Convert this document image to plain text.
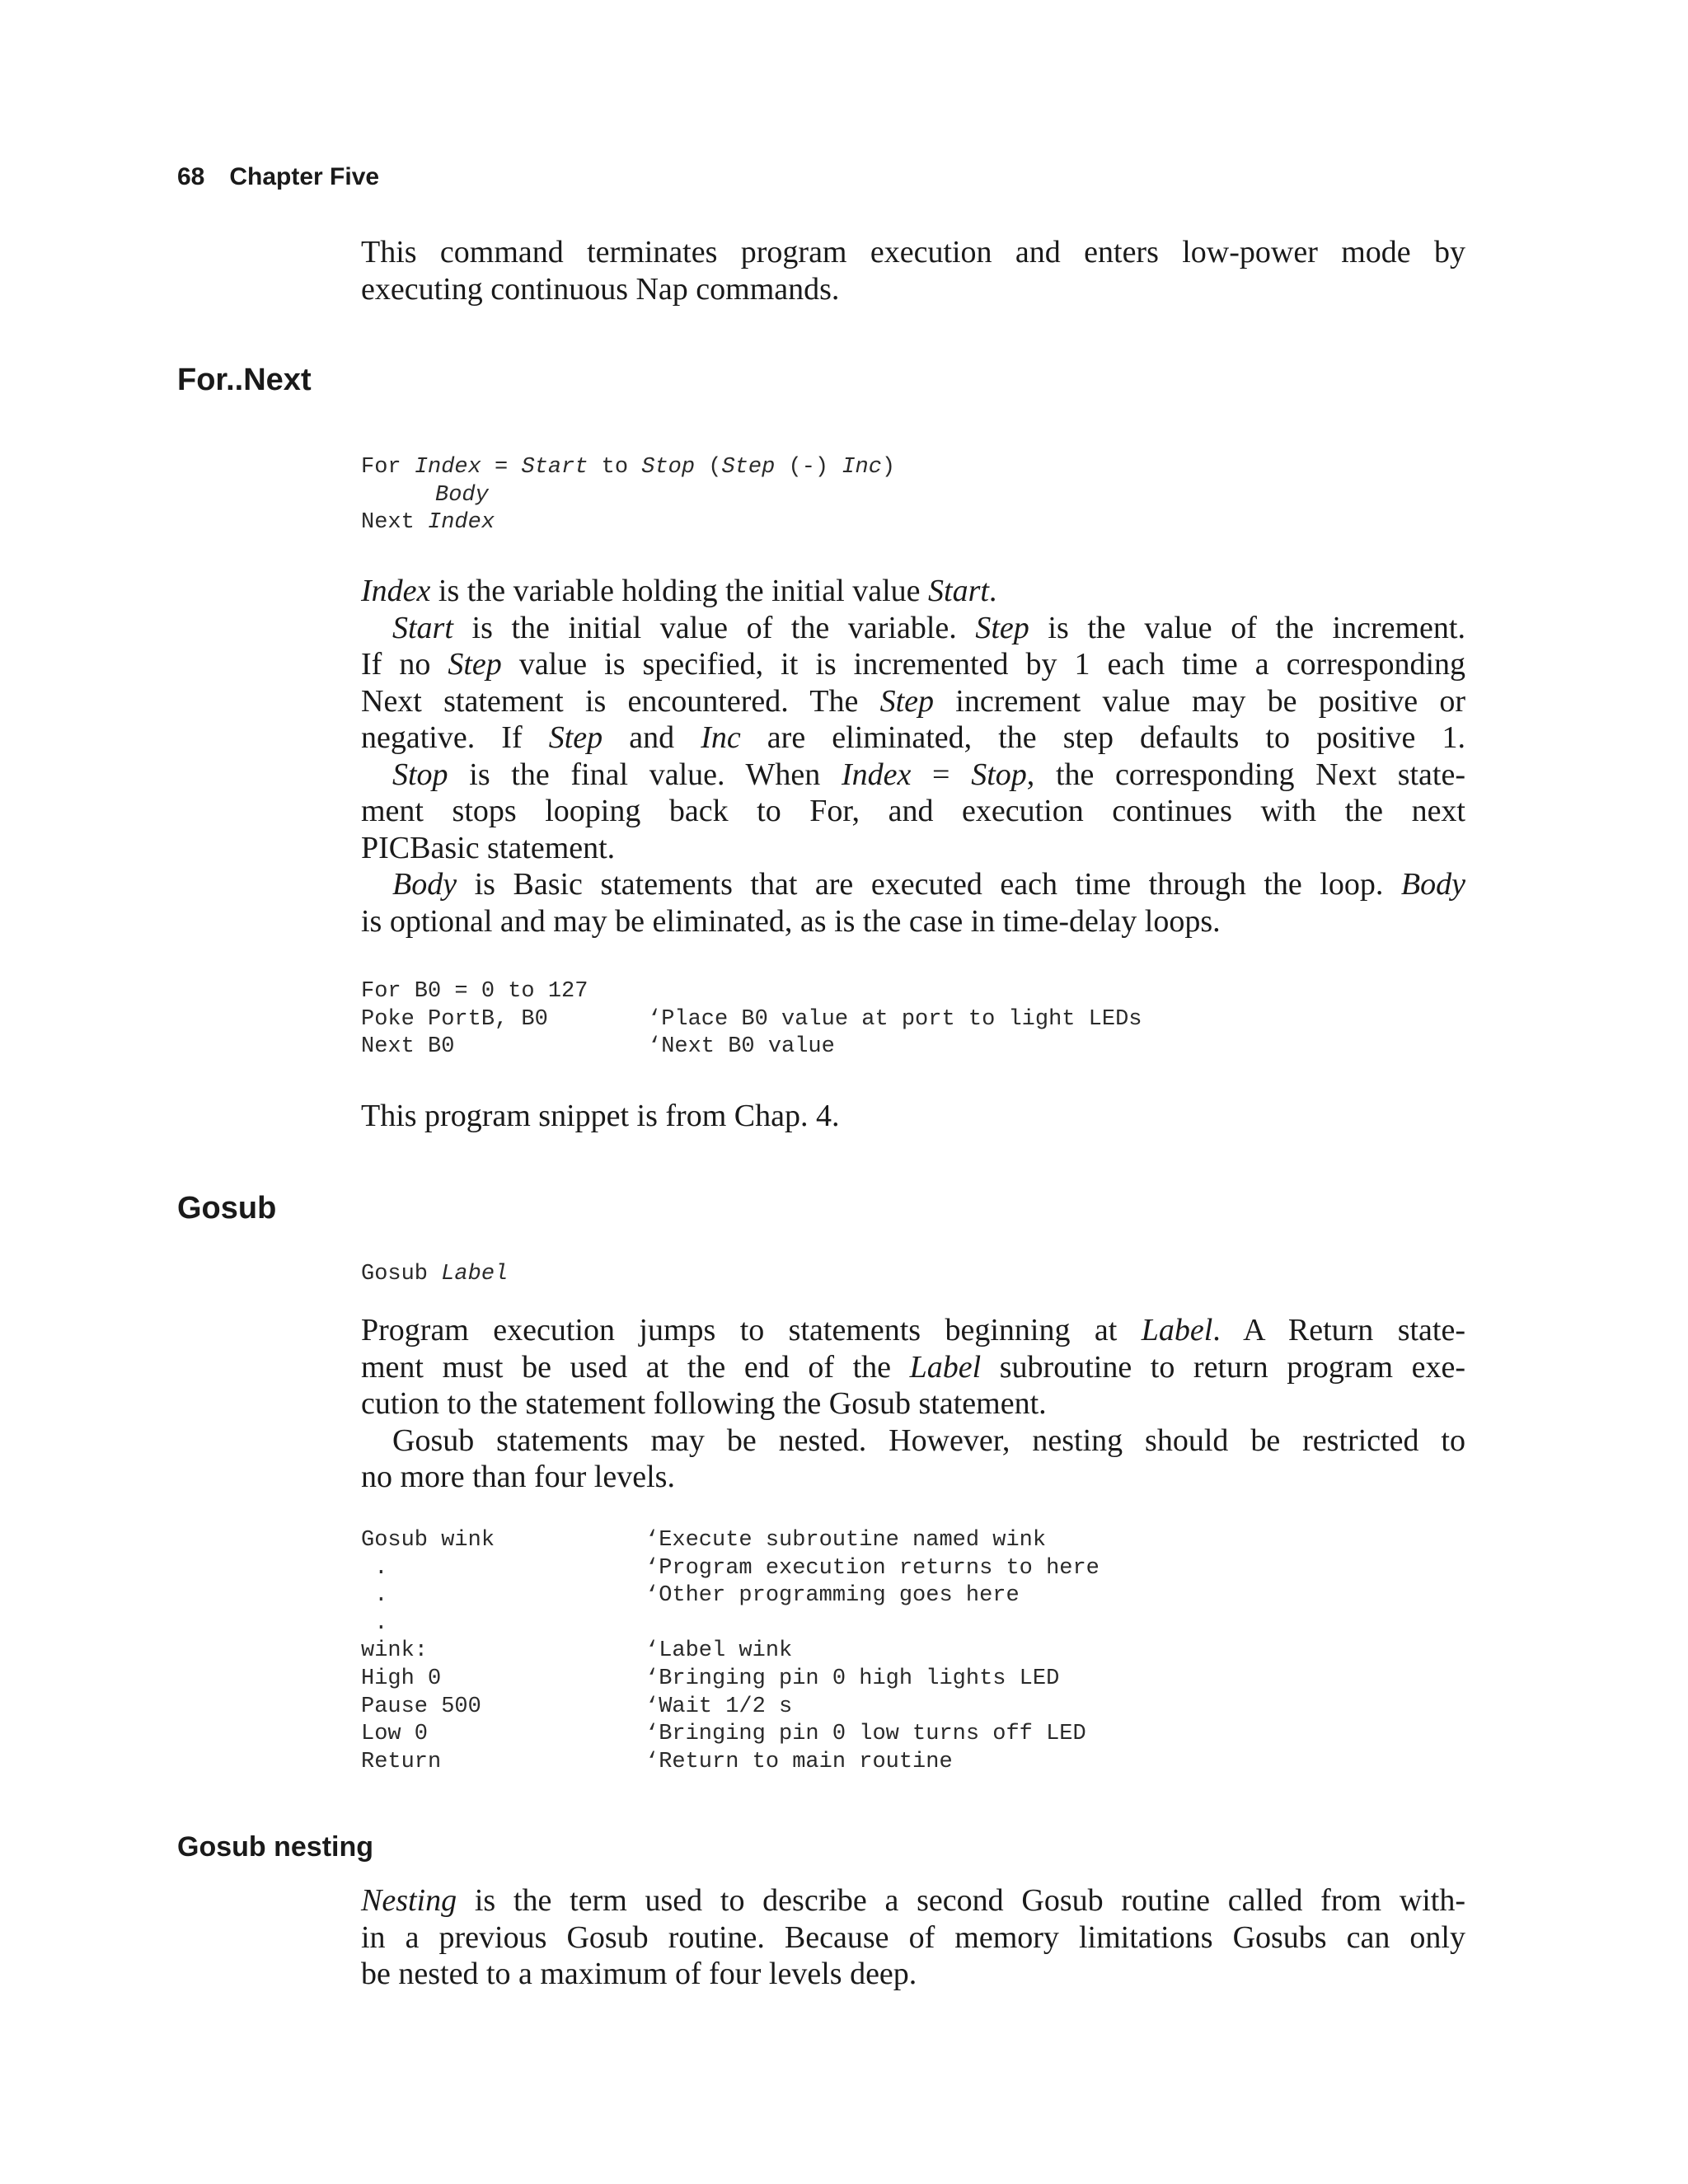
68 Chapter Five
This command terminates program execution and enters low-power mode by
executing continuous Nap commands.
For..Next
For Index = Start to Stop (Step (-) Inc)
Body
Next Index
Index is the variable holding the initial value Start.
Start is the initial value of the variable. Step is the value of the increment.
If no Step value is specified, it is incremented by 1 each time a corresponding
Next statement is encountered. The Step increment value may be positive or
negative. If Step and Inc are eliminated, the step defaults to positive 1.
Stop is the final value. When Index = Stop, the corresponding Next state-
ment stops looping back to For, and execution continues with the next
PICBasic statement.
Body is Basic statements that are executed each time through the loop. Body
is optional and may be eliminated, as is the case in time-delay loops.
For B0 = 0 to 127
Poke PortB, B0	‘Place B0 value at port to light LEDs
Next B0	‘Next B0 value
This program snippet is from Chap. 4.
Gosub
Gosub Label
Program execution jumps to statements beginning at Label. A Return state-
ment must be used at the end of the Label subroutine to return program exe-
cution to the statement following the Gosub statement.
Gosub statements may be nested. However, nesting should be restricted to
no more than four levels.
Gosub wink	‘Execute subroutine named wink
.	‘Program execution returns to here
.	‘Other programming goes here
.
wink:	‘Label wink
High 0	‘Bringing pin 0 high lights LED
Pause 500	‘Wait 1/2 s
Low 0	‘Bringing pin 0 low turns off LED
Return	‘Return to main routine
Gosub nesting
Nesting is the term used to describe a second Gosub routine called from with-
in a previous Gosub routine. Because of memory limitations Gosubs can only
be nested to a maximum of four levels deep.
